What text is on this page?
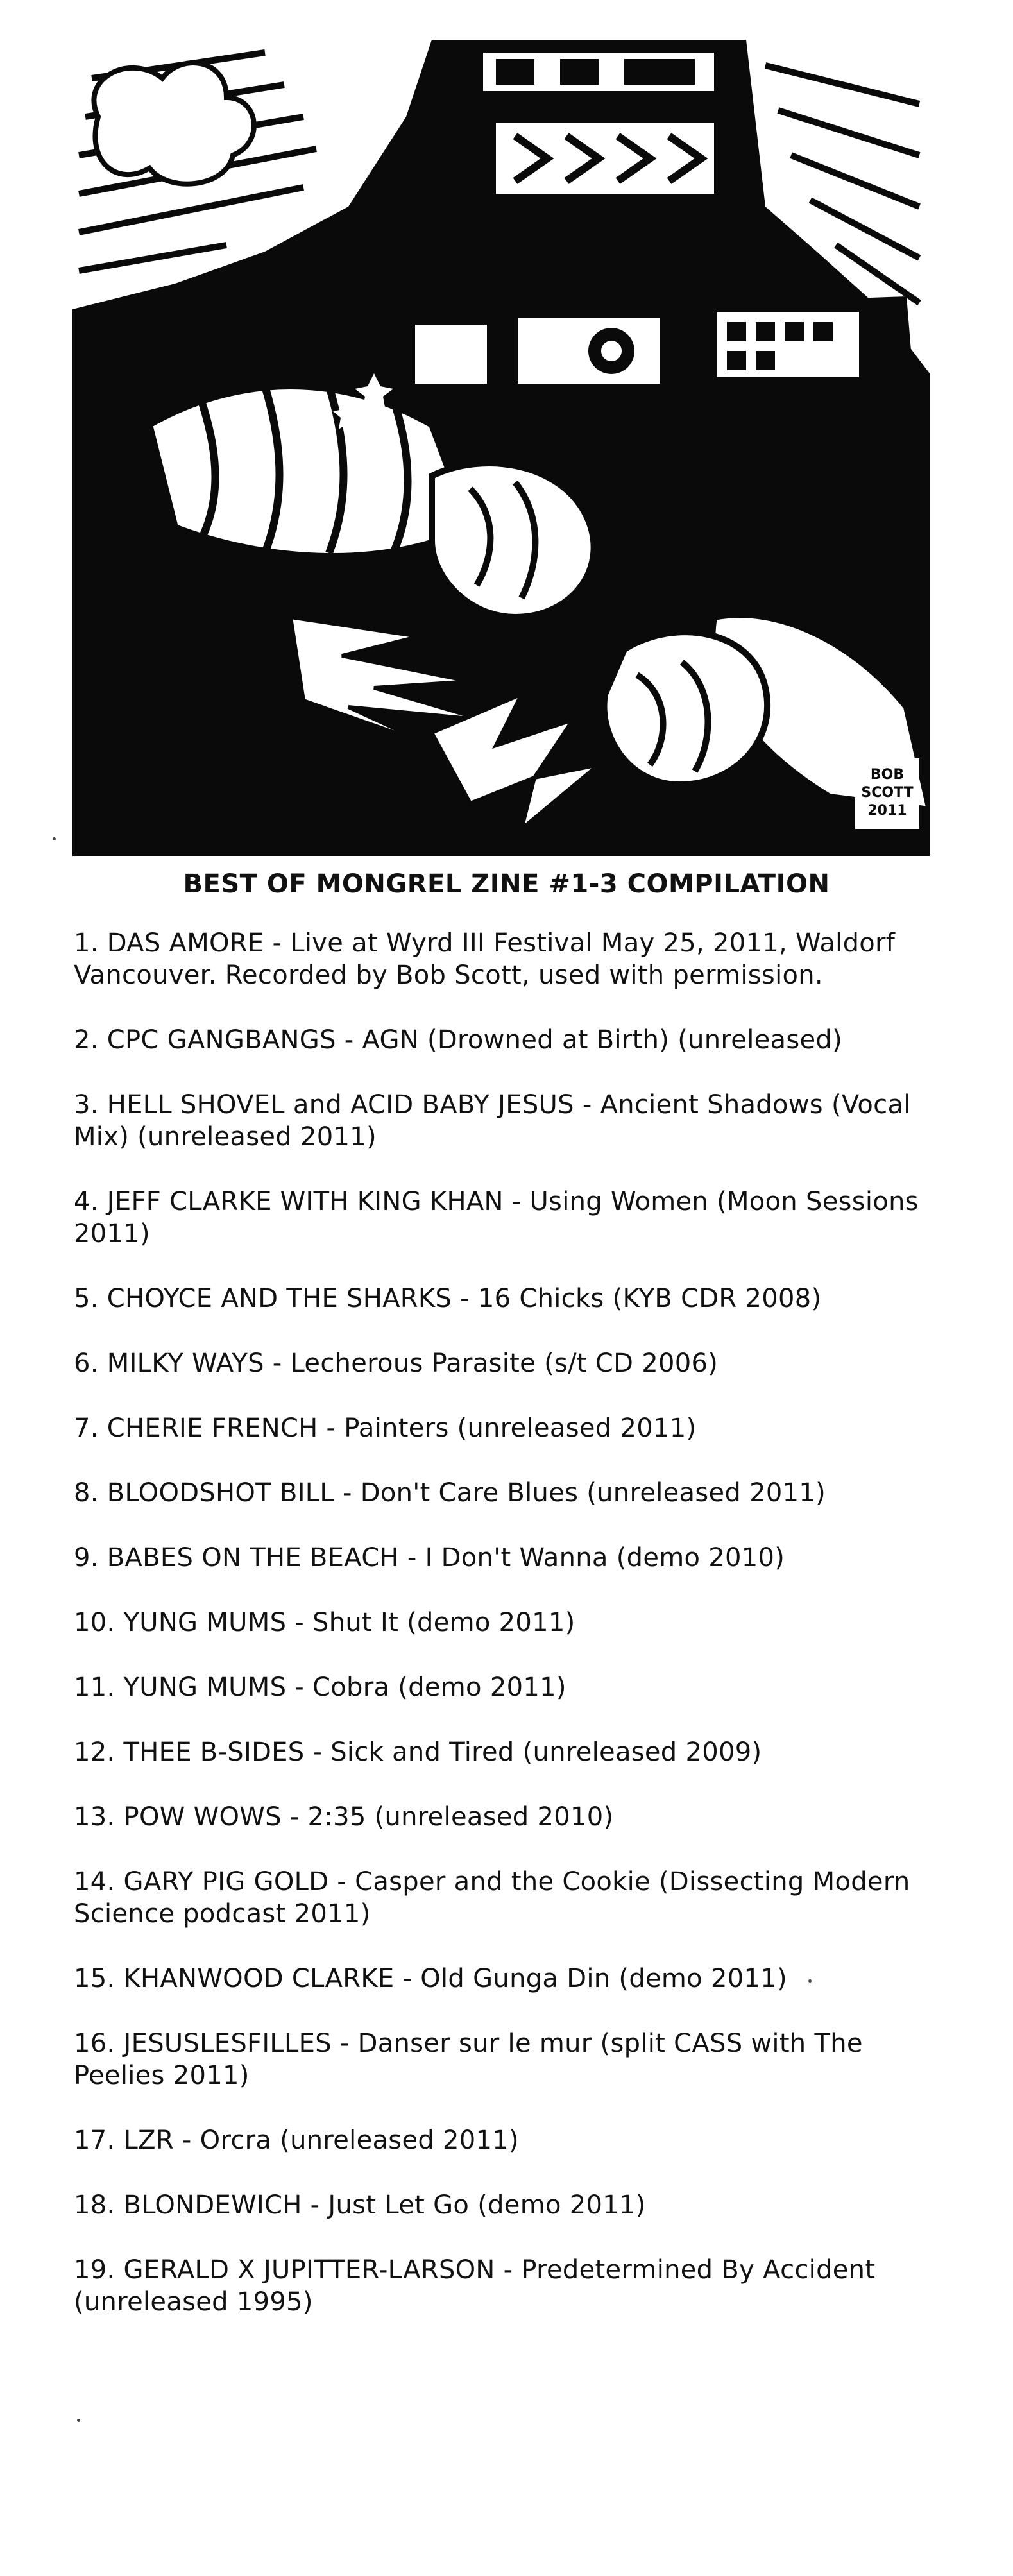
BOB
SCOTT
2011
BEST OF MONGREL ZINE #1-3 COMPILATION
1. DAS AMORE - Live at Wyrd III Festival May 25, 2011, Waldorf Vancouver. Recorded by Bob Scott, used with permission.
2. CPC GANGBANGS - AGN (Drowned at Birth) (unreleased)
3. HELL SHOVEL and ACID BABY JESUS - Ancient Shadows (Vocal Mix) (unreleased 2011)
4. JEFF CLARKE WITH KING KHAN - Using Women (Moon Sessions 2011)
5. CHOYCE AND THE SHARKS - 16 Chicks (KYB CDR 2008)
6. MILKY WAYS - Lecherous Parasite (s/t CD 2006)
7. CHERIE FRENCH - Painters (unreleased 2011)
8. BLOODSHOT BILL - Don't Care Blues (unreleased 2011)
9. BABES ON THE BEACH - I Don't Wanna (demo 2010)
10. YUNG MUMS - Shut It (demo 2011)
11. YUNG MUMS - Cobra (demo 2011)
12. THEE B-SIDES - Sick and Tired (unreleased 2009)
13. POW WOWS - 2:35 (unreleased 2010)
14. GARY PIG GOLD - Casper and the Cookie (Dissecting Modern Science podcast 2011)
15. KHANWOOD CLARKE - Old Gunga Din (demo 2011)
16. JESUSLESFILLES - Danser sur le mur (split CASS with The Peelies 2011)
17. LZR - Orcra (unreleased 2011)
18. BLONDEWICH - Just Let Go (demo 2011)
19. GERALD X JUPITTER-LARSON - Predetermined By Accident (unreleased 1995)
